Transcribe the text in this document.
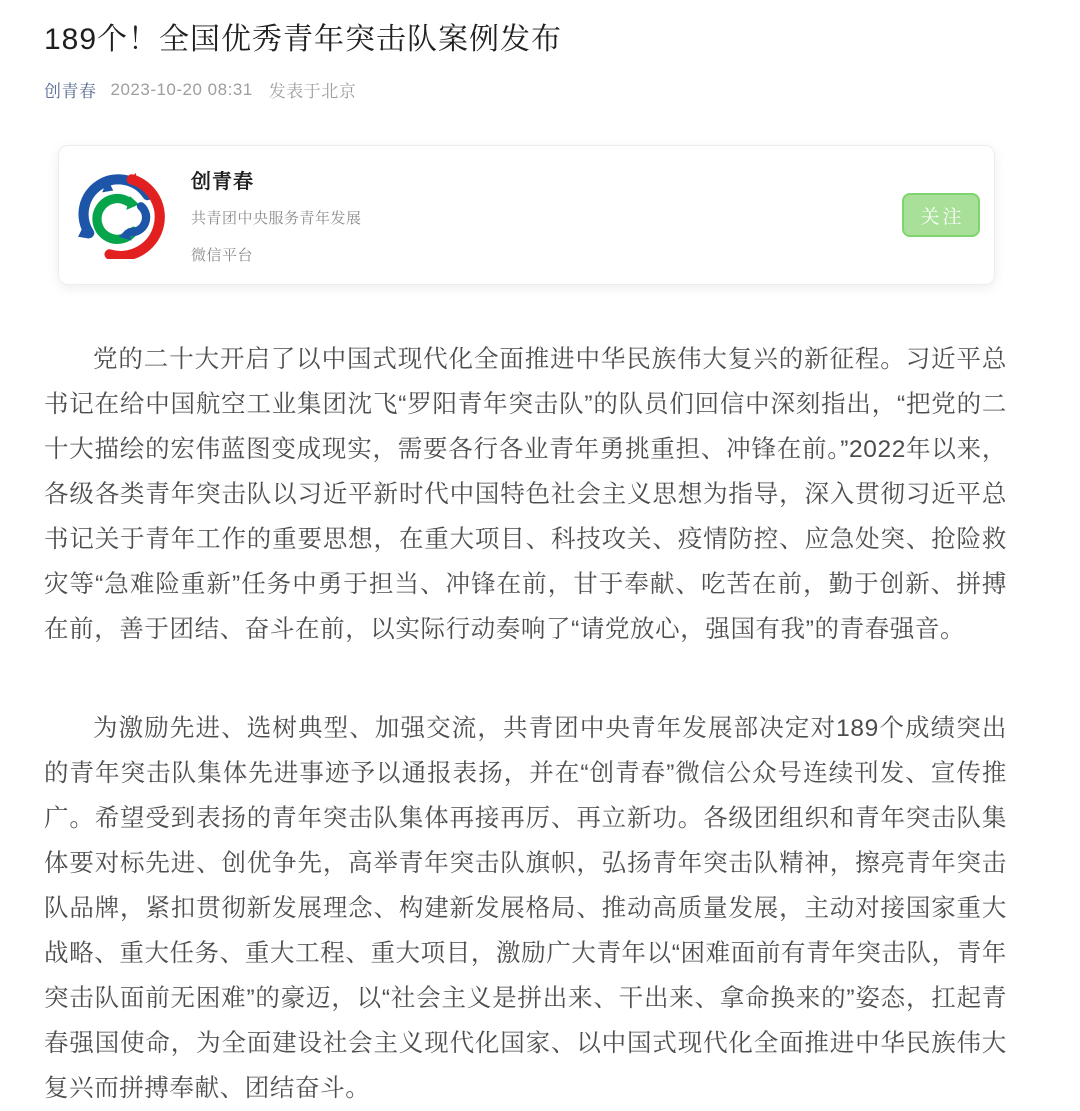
189个！全国优秀青年突击队案例发布
创青春 2023-10-20 08:31 发表于北京
创青春
共青团中央服务青年发展
微信平台
关注

党的二十大开启了以中国式现代化全面推进中华民族伟大复兴的新征程。习近平总书记在给中国航空工业集团沈飞“罗阳青年突击队”的队员们回信中深刻指出，“把党的二十大描绘的宏伟蓝图变成现实，需要各行各业青年勇挑重担、冲锋在前。”2022年以来，各级各类青年突击队以习近平新时代中国特色社会主义思想为指导，深入贯彻习近平总书记关于青年工作的重要思想，在重大项目、科技攻关、疫情防控、应急处突、抢险救灾等“急难险重新”任务中勇于担当、冲锋在前，甘于奉献、吃苦在前，勤于创新、拼搏在前，善于团结、奋斗在前，以实际行动奏响了“请党放心，强国有我”的青春强音。

为激励先进、选树典型、加强交流，共青团中央青年发展部决定对189个成绩突出的青年突击队集体先进事迹予以通报表扬，并在“创青春”微信公众号连续刊发、宣传推广。希望受到表扬的青年突击队集体再接再厉、再立新功。各级团组织和青年突击队集体要对标先进、创优争先，高举青年突击队旗帜，弘扬青年突击队精神，擦亮青年突击队品牌，紧扣贯彻新发展理念、构建新发展格局、推动高质量发展，主动对接国家重大战略、重大任务、重大工程、重大项目，激励广大青年以“困难面前有青年突击队，青年突击队面前无困难”的豪迈，以“社会主义是拼出来、干出来、拿命换来的”姿态，扛起青春强国使命，为全面建设社会主义现代化国家、以中国式现代化全面推进中华民族伟大复兴而拼搏奉献、团结奋斗。
